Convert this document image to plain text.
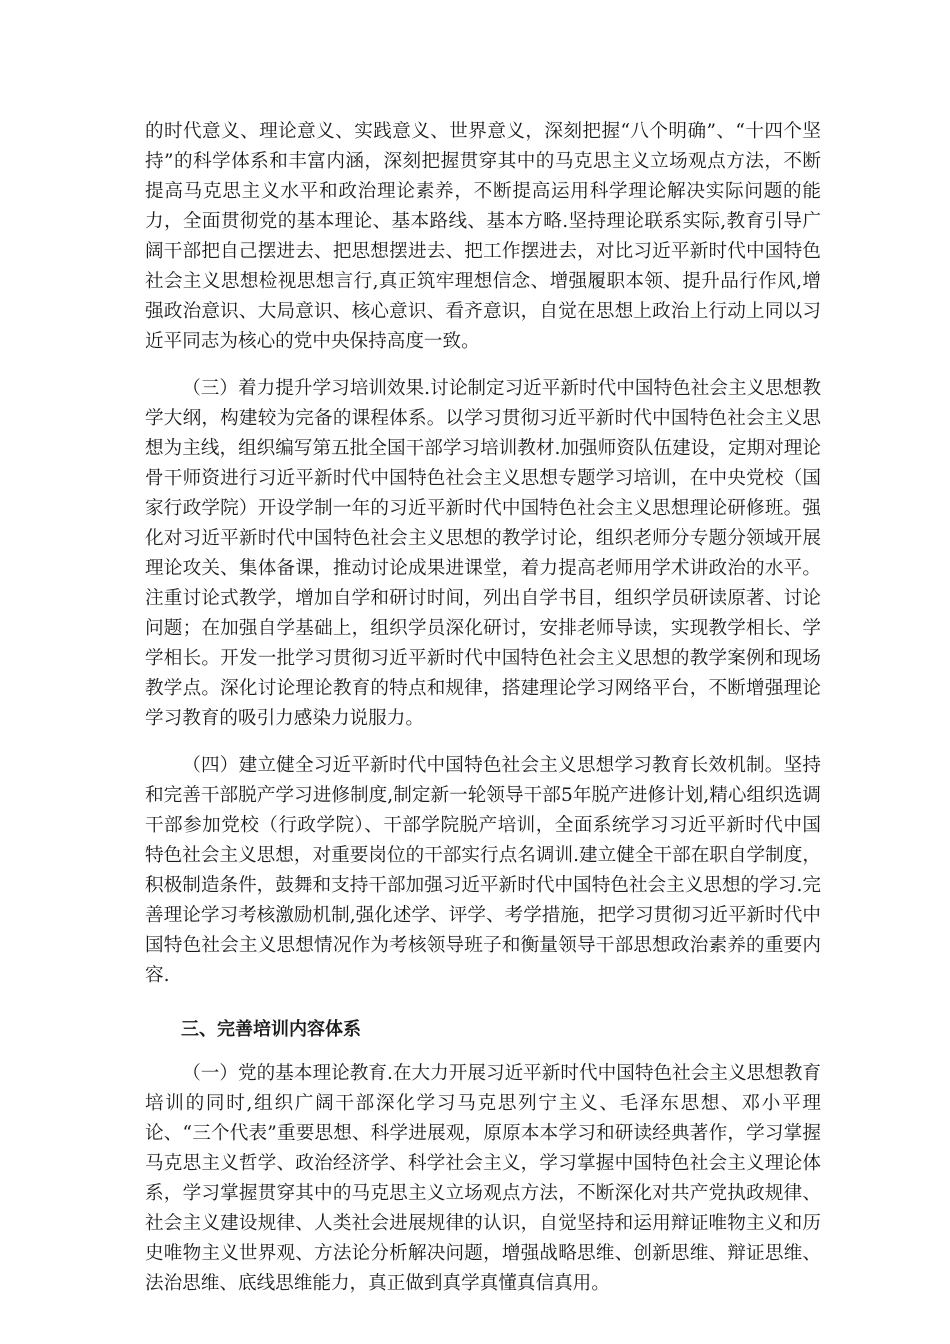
的时代意义、理论意义、实践意义、世界意义，深刻把握“八个明确”、“十四个坚持”的科学体系和丰富内涵，深刻把握贯穿其中的马克思主义立场观点方法，不断提高马克思主义水平和政治理论素养，不断提高运用科学理论解决实际问题的能力，全面贯彻党的基本理论、基本路线、基本方略.坚持理论联系实际,教育引导广阔干部把自己摆进去、把思想摆进去、把工作摆进去，对比习近平新时代中国特色社会主义思想检视思想言行,真正筑牢理想信念、增强履职本领、提升品行作风,增强政治意识、大局意识、核心意识、看齐意识，自觉在思想上政治上行动上同以习近平同志为核心的党中央保持高度一致。

（三）着力提升学习培训效果.讨论制定习近平新时代中国特色社会主义思想教学大纲，构建较为完备的课程体系。以学习贯彻习近平新时代中国特色社会主义思想为主线，组织编写第五批全国干部学习培训教材.加强师资队伍建设，定期对理论骨干师资进行习近平新时代中国特色社会主义思想专题学习培训，在中央党校（国家行政学院）开设学制一年的习近平新时代中国特色社会主义思想理论研修班。强化对习近平新时代中国特色社会主义思想的教学讨论，组织老师分专题分领域开展理论攻关、集体备课，推动讨论成果进课堂，着力提高老师用学术讲政治的水平。注重讨论式教学，增加自学和研讨时间，列出自学书目，组织学员研读原著、讨论问题；在加强自学基础上，组织学员深化研讨，安排老师导读，实现教学相长、学学相长。开发一批学习贯彻习近平新时代中国特色社会主义思想的教学案例和现场教学点。深化讨论理论教育的特点和规律，搭建理论学习网络平台，不断增强理论学习教育的吸引力感染力说服力。

（四）建立健全习近平新时代中国特色社会主义思想学习教育长效机制。坚持和完善干部脱产学习进修制度,制定新一轮领导干部5年脱产进修计划,精心组织选调干部参加党校（行政学院）、干部学院脱产培训，全面系统学习习近平新时代中国特色社会主义思想，对重要岗位的干部实行点名调训.建立健全干部在职自学制度，积极制造条件，鼓舞和支持干部加强习近平新时代中国特色社会主义思想的学习.完善理论学习考核激励机制,强化述学、评学、考学措施，把学习贯彻习近平新时代中国特色社会主义思想情况作为考核领导班子和衡量领导干部思想政治素养的重要内容.

三、完善培训内容体系

（一）党的基本理论教育.在大力开展习近平新时代中国特色社会主义思想教育培训的同时,组织广阔干部深化学习马克思列宁主义、毛泽东思想、邓小平理论、“三个代表”重要思想、科学进展观，原原本本学习和研读经典著作，学习掌握马克思主义哲学、政治经济学、科学社会主义，学习掌握中国特色社会主义理论体系，学习掌握贯穿其中的马克思主义立场观点方法，不断深化对共产党执政规律、社会主义建设规律、人类社会进展规律的认识，自觉坚持和运用辩证唯物主义和历史唯物主义世界观、方法论分析解决问题，增强战略思维、创新思维、辩证思维、法治思维、底线思维能力，真正做到真学真懂真信真用。
